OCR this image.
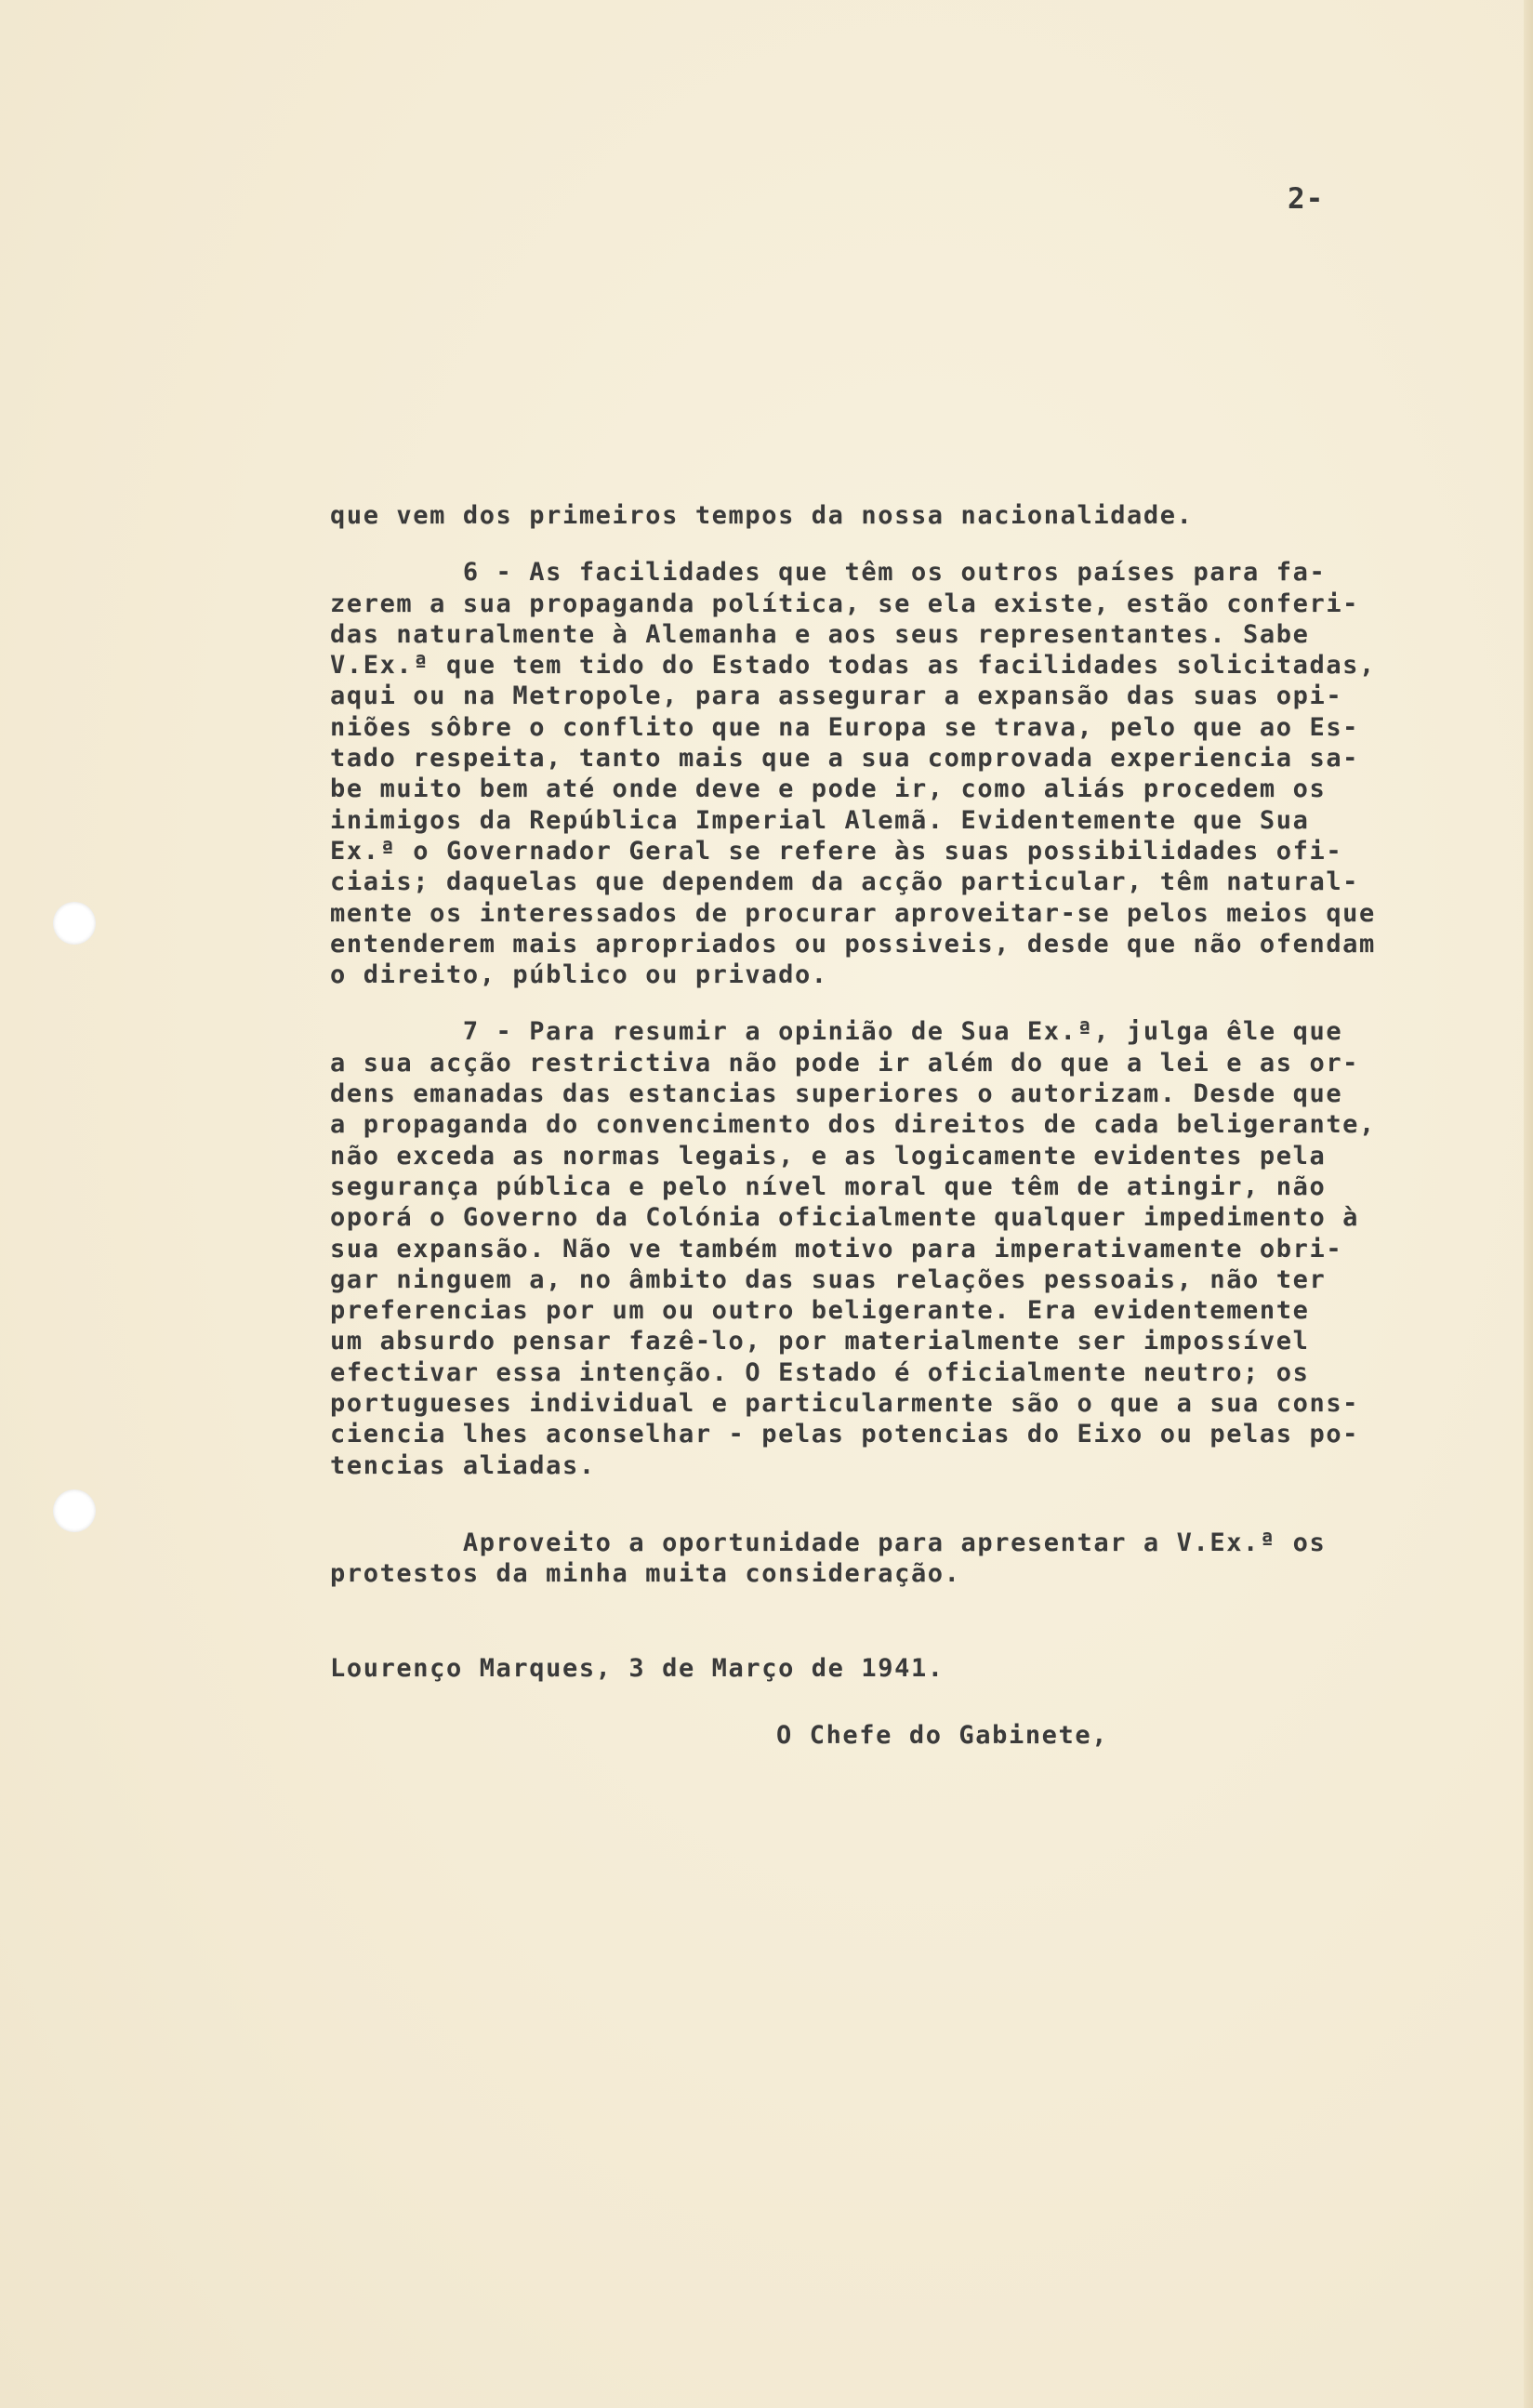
2-
que vem dos primeiros tempos da nossa nacionalidade.
6 - As facilidades que têm os outros países para fa-
zerem a sua propaganda política, se ela existe, estão conferi-
das naturalmente à Alemanha e aos seus representantes. Sabe
V.Ex.ª que tem tido do Estado todas as facilidades solicitadas,
aqui ou na Metropole, para assegurar a expansão das suas opi-
niões sôbre o conflito que na Europa se trava, pelo que ao Es-
tado respeita, tanto mais que a sua comprovada experiencia sa-
be muito bem até onde deve e pode ir, como aliás procedem os
inimigos da República Imperial Alemã. Evidentemente que Sua
Ex.ª o Governador Geral se refere às suas possibilidades ofi-
ciais; daquelas que dependem da acção particular, têm natural-
mente os interessados de procurar aproveitar-se pelos meios que
entenderem mais apropriados ou possiveis, desde que não ofendam
o direito, público ou privado.
7 - Para resumir a opinião de Sua Ex.ª, julga êle que
a sua acção restrictiva não pode ir além do que a lei e as or-
dens emanadas das estancias superiores o autorizam. Desde que
a propaganda do convencimento dos direitos de cada beligerante,
não exceda as normas legais, e as logicamente evidentes pela
segurança pública e pelo nível moral que têm de atingir, não
oporá o Governo da Colónia oficialmente qualquer impedimento à
sua expansão. Não ve também motivo para imperativamente obri-
gar ninguem a, no âmbito das suas relações pessoais, não ter
preferencias por um ou outro beligerante. Era evidentemente
um absurdo pensar fazê-lo, por materialmente ser impossível
efectivar essa intenção. O Estado é oficialmente neutro; os
portugueses individual e particularmente são o que a sua cons-
ciencia lhes aconselhar - pelas potencias do Eixo ou pelas po-
tencias aliadas.
Aproveito a oportunidade para apresentar a V.Ex.ª os
protestos da minha muita consideração.
Lourenço Marques, 3 de Março de 1941.
O Chefe do Gabinete,
